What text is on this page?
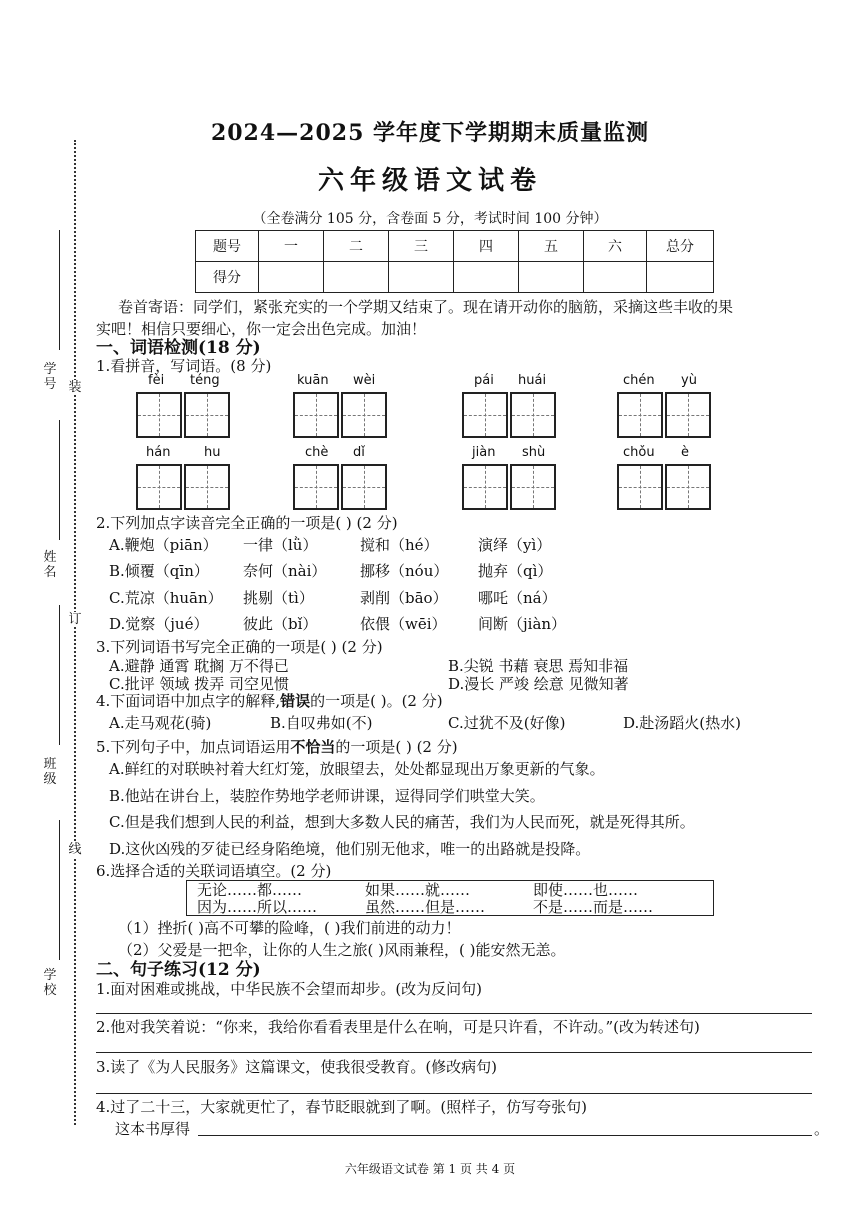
学号 装
姓名
订
班级
线
学校
2024—2025 学年度下学期期末质量监测
六年级语文试卷
（全卷满分 105 分，含卷面 5 分，考试时间 100 分钟）
题号	一	二	三	四	五	六	总分
得分							
卷首寄语：同学们，紧张充实的一个学期又结束了。现在请开动你的脑筋，采摘这些丰收的果
实吧！相信只要细心，你一定会出色完成。加油！
一、词语检测(18 分)
1.看拼音，写词语。(8 分)
fèi téng	kuān wèi	pái huái	chén yù
hán	hu	chè dǐ	jiàn shù	chǒu è
2.下列加点字读音完全正确的一项是( ) (2 分)
A.鞭炮（piān） 一律（lǜ）	搅和（hé）	演绎（yì）
B.倾覆（qīn） 奈何（nài） 挪移（nóu） 抛弃（qì）
C.荒凉（huān） 挑剔（tì）	剥削（bāo） 哪吒（ná）
D.觉察（jué） 彼此（bǐ）	依偎（wēi） 间断（jiàn）
3.下列词语书写完全正确的一项是( ) (2 分)
A.避静 通霄 耽搁 万不得已	B.尖锐 书藉 衰思 焉知非福
C.批评 领域 拨弄 司空见惯	D.漫长 严竣 绘意 见微知著
4.下面词语中加点字的解释,错误的一项是( )。(2 分)
A.走马观花(骑)	B.自叹弗如(不)	C.过犹不及(好像)	D.赴汤蹈火(热水)
5.下列句子中，加点词语运用不恰当的一项是( ) (2 分)
A.鲜红的对联映衬着大红灯笼，放眼望去，处处都显现出万象更新的气象。
B.他站在讲台上，装腔作势地学老师讲课，逗得同学们哄堂大笑。
C.但是我们想到人民的利益，想到大多数人民的痛苦，我们为人民而死，就是死得其所。
D.这伙凶残的歹徒已经身陷绝境，他们别无他求，唯一的出路就是投降。
6.选择合适的关联词语填空。(2 分)
无论……都……	如果……就……	即使……也……
因为……所以……	虽然……但是……	不是……而是……
（1）挫折( )高不可攀的险峰，( )我们前进的动力！
（2）父爱是一把伞，让你的人生之旅( )风雨兼程，( )能安然无恙。
二、句子练习(12 分)
1.面对困难或挑战，中华民族不会望而却步。(改为反问句)
2.他对我笑着说：“你来，我给你看看表里是什么在响，可是只许看，不许动。”(改为转述句)
3.读了《为人民服务》这篇课文，使我很受教育。(修改病句)
4.过了二十三，大家就更忙了，春节眨眼就到了啊。(照样子，仿写夸张句)
这本书厚得	。
六年级语文试卷 第 1 页 共 4 页
